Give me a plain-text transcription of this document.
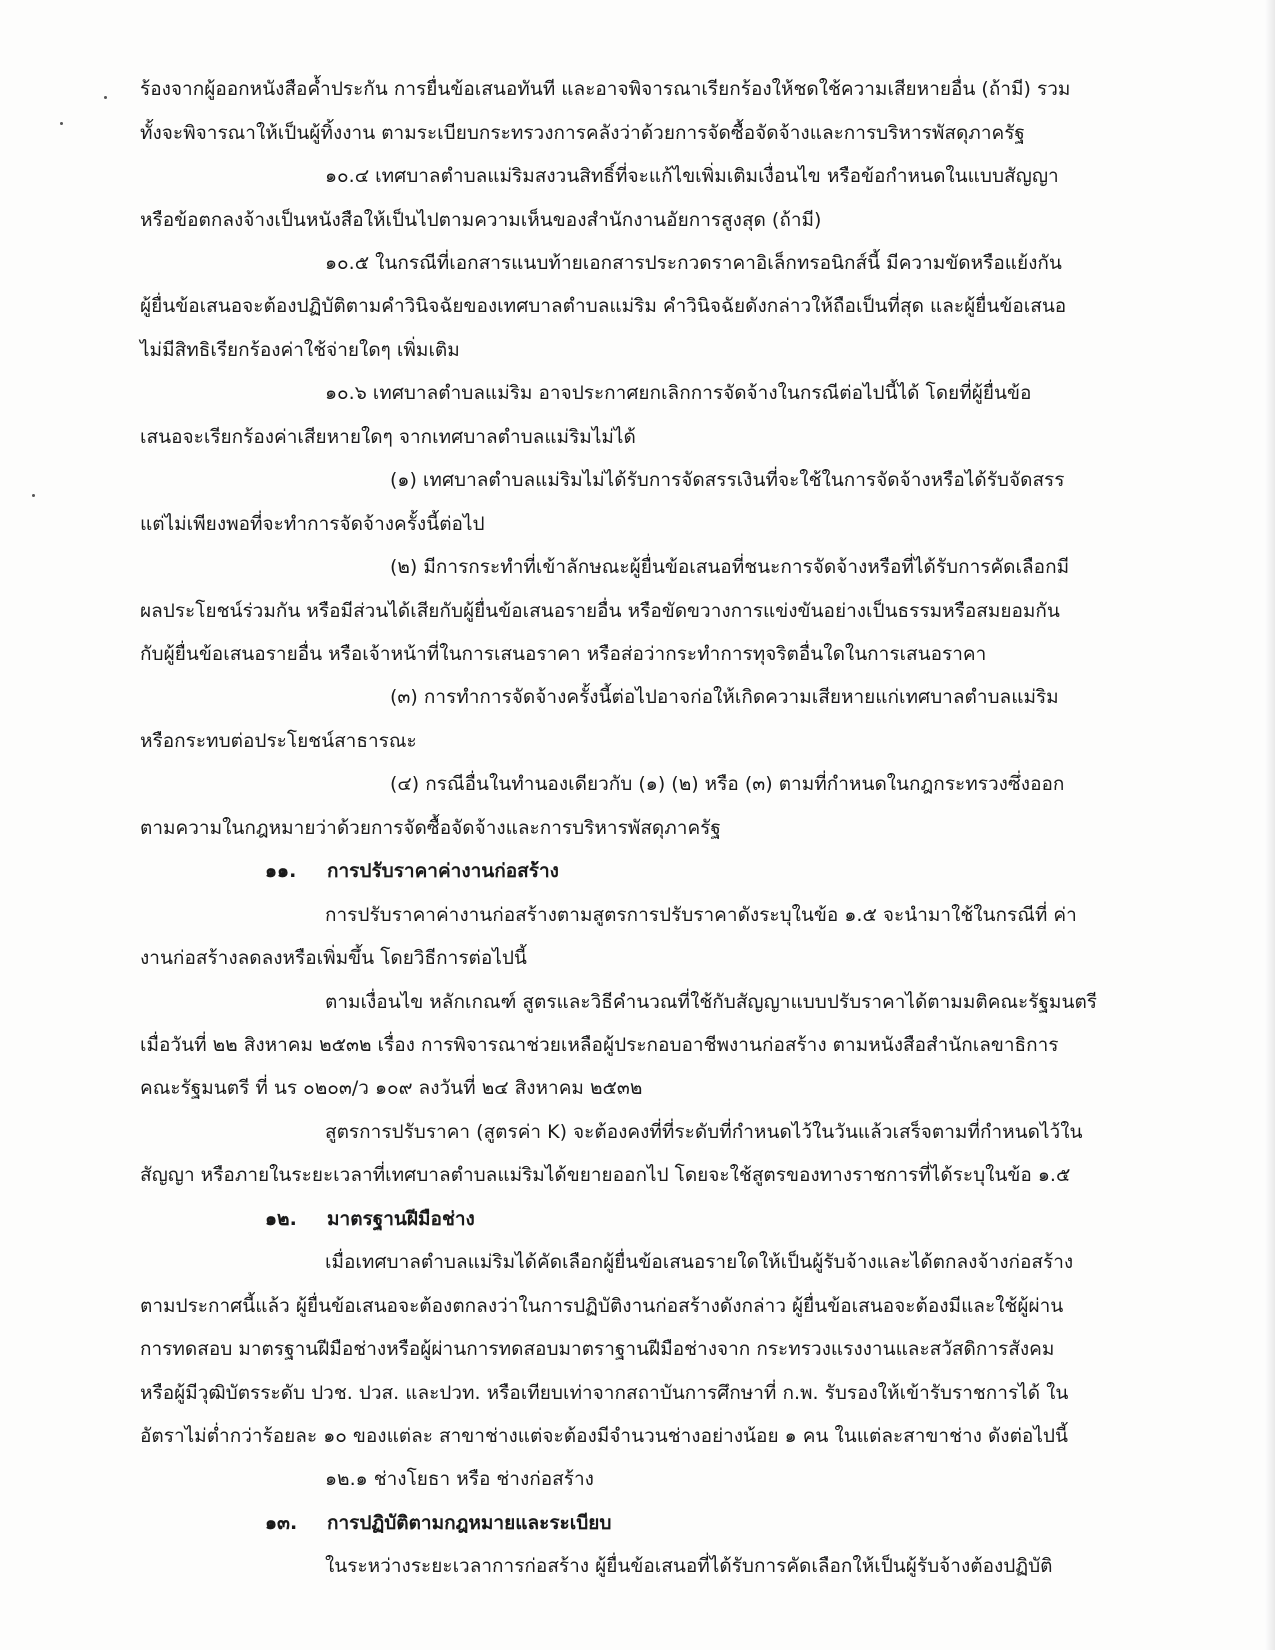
ร้องจากผู้ออกหนังสือค้ำประกัน การยื่นข้อเสนอทันที และอาจพิจารณาเรียกร้องให้ชดใช้ความเสียหายอื่น (ถ้ามี) รวม
ทั้งจะพิจารณาให้เป็นผู้ทิ้งงาน ตามระเบียบกระทรวงการคลังว่าด้วยการจัดซื้อจัดจ้างและการบริหารพัสดุภาครัฐ
๑๐.๔ เทศบาลตำบลแม่ริมสงวนสิทธิ์ที่จะแก้ไขเพิ่มเติมเงื่อนไข หรือข้อกำหนดในแบบสัญญา
หรือข้อตกลงจ้างเป็นหนังสือให้เป็นไปตามความเห็นของสำนักงานอัยการสูงสุด (ถ้ามี)
๑๐.๕ ในกรณีที่เอกสารแนบท้ายเอกสารประกวดราคาอิเล็กทรอนิกส์นี้ มีความขัดหรือแย้งกัน
ผู้ยื่นข้อเสนอจะต้องปฏิบัติตามคำวินิจฉัยของเทศบาลตำบลแม่ริม คำวินิจฉัยดังกล่าวให้ถือเป็นที่สุด และผู้ยื่นข้อเสนอ
ไม่มีสิทธิเรียกร้องค่าใช้จ่ายใดๆ เพิ่มเติม
๑๐.๖ เทศบาลตำบลแม่ริม อาจประกาศยกเลิกการจัดจ้างในกรณีต่อไปนี้ได้ โดยที่ผู้ยื่นข้อ
เสนอจะเรียกร้องค่าเสียหายใดๆ จากเทศบาลตำบลแม่ริมไม่ได้
(๑) เทศบาลตำบลแม่ริมไม่ได้รับการจัดสรรเงินที่จะใช้ในการจัดจ้างหรือได้รับจัดสรร
แต่ไม่เพียงพอที่จะทำการจัดจ้างครั้งนี้ต่อไป
(๒) มีการกระทำที่เข้าลักษณะผู้ยื่นข้อเสนอที่ชนะการจัดจ้างหรือที่ได้รับการคัดเลือกมี
ผลประโยชน์ร่วมกัน หรือมีส่วนได้เสียกับผู้ยื่นข้อเสนอรายอื่น หรือขัดขวางการแข่งขันอย่างเป็นธรรมหรือสมยอมกัน
กับผู้ยื่นข้อเสนอรายอื่น หรือเจ้าหน้าที่ในการเสนอราคา หรือส่อว่ากระทำการทุจริตอื่นใดในการเสนอราคา
(๓) การทำการจัดจ้างครั้งนี้ต่อไปอาจก่อให้เกิดความเสียหายแก่เทศบาลตำบลแม่ริม
หรือกระทบต่อประโยชน์สาธารณะ
(๔) กรณีอื่นในทำนองเดียวกับ (๑) (๒) หรือ (๓) ตามที่กำหนดในกฎกระทรวงซึ่งออก
ตามความในกฎหมายว่าด้วยการจัดซื้อจัดจ้างและการบริหารพัสดุภาครัฐ
๑๑. การปรับราคาค่างานก่อสร้าง
การปรับราคาค่างานก่อสร้างตามสูตรการปรับราคาดังระบุในข้อ ๑.๕ จะนำมาใช้ในกรณีที่ ค่า
งานก่อสร้างลดลงหรือเพิ่มขึ้น โดยวิธีการต่อไปนี้
ตามเงื่อนไข หลักเกณฑ์ สูตรและวิธีคำนวณที่ใช้กับสัญญาแบบปรับราคาได้ตามมติคณะรัฐมนตรี
เมื่อวันที่ ๒๒ สิงหาคม ๒๕๓๒ เรื่อง การพิจารณาช่วยเหลือผู้ประกอบอาชีพงานก่อสร้าง ตามหนังสือสำนักเลขาธิการ
คณะรัฐมนตรี ที่ นร ๐๒๐๓/ว ๑๐๙ ลงวันที่ ๒๔ สิงหาคม ๒๕๓๒
สูตรการปรับราคา (สูตรค่า K) จะต้องคงที่ที่ระดับที่กำหนดไว้ในวันแล้วเสร็จตามที่กำหนดไว้ใน
สัญญา หรือภายในระยะเวลาที่เทศบาลตำบลแม่ริมได้ขยายออกไป โดยจะใช้สูตรของทางราชการที่ได้ระบุในข้อ ๑.๕
๑๒. มาตรฐานฝีมือช่าง
เมื่อเทศบาลตำบลแม่ริมได้คัดเลือกผู้ยื่นข้อเสนอรายใดให้เป็นผู้รับจ้างและได้ตกลงจ้างก่อสร้าง
ตามประกาศนี้แล้ว ผู้ยื่นข้อเสนอจะต้องตกลงว่าในการปฏิบัติงานก่อสร้างดังกล่าว ผู้ยื่นข้อเสนอจะต้องมีและใช้ผู้ผ่าน
การทดสอบ มาตรฐานฝีมือช่างหรือผู้ผ่านการทดสอบมาตราฐานฝีมือช่างจาก กระทรวงแรงงานและสวัสดิการสังคม
หรือผู้มีวุฒิบัตรระดับ ปวช. ปวส. และปวท. หรือเทียบเท่าจากสถาบันการศึกษาที่ ก.พ. รับรองให้เข้ารับราชการได้ ใน
อัตราไม่ต่ำกว่าร้อยละ ๑๐ ของแต่ละ สาขาช่างแต่จะต้องมีจำนวนช่างอย่างน้อย ๑ คน ในแต่ละสาขาช่าง ดังต่อไปนี้
๑๒.๑ ช่างโยธา หรือ ช่างก่อสร้าง
๑๓. การปฏิบัติตามกฎหมายและระเบียบ
ในระหว่างระยะเวลาการก่อสร้าง ผู้ยื่นข้อเสนอที่ได้รับการคัดเลือกให้เป็นผู้รับจ้างต้องปฏิบัติ
